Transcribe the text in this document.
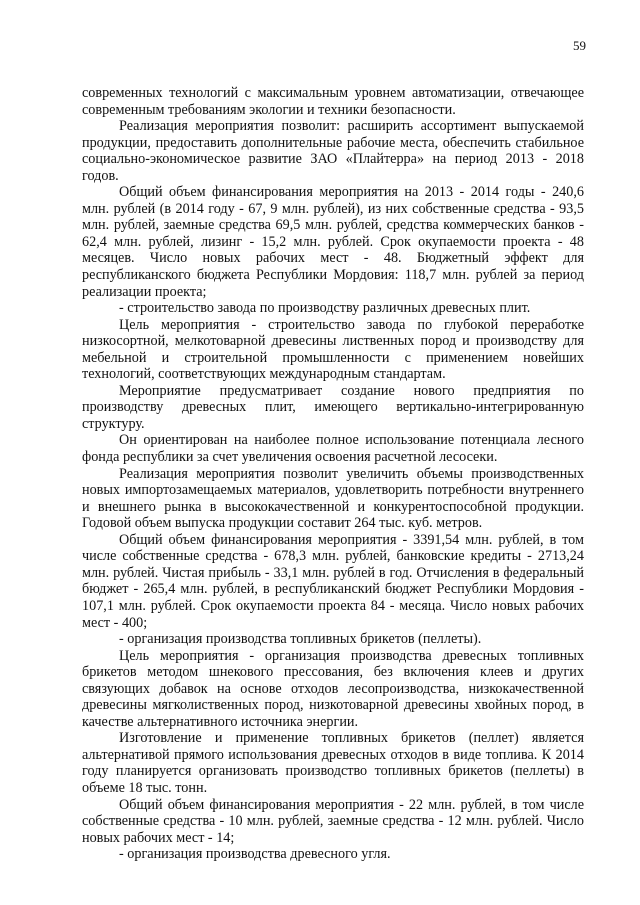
59

современных технологий с максимальным уровнем автоматизации, отвечающее современным требованиям экологии и техники безопасности.

Реализация мероприятия позволит: расширить ассортимент выпускаемой продукции, предоставить дополнительные рабочие места, обеспечить стабильное социально-экономическое развитие ЗАО «Плайтерра» на период 2013 - 2018 годов.

Общий объем финансирования мероприятия на 2013 - 2014 годы - 240,6 млн. рублей (в 2014 году - 67, 9 млн. рублей), из них собственные средства - 93,5 млн. рублей, заемные средства 69,5 млн. рублей, средства коммерческих банков - 62,4 млн. рублей, лизинг - 15,2 млн. рублей. Срок окупаемости проекта - 48 месяцев. Число новых рабочих мест - 48. Бюджетный эффект для республиканского бюджета Республики Мордовия: 118,7 млн. рублей за период реализации проекта;

- строительство завода по производству различных древесных плит.

Цель мероприятия - строительство завода по глубокой переработке низкосортной, мелкотоварной древесины лиственных пород и производству для мебельной и строительной промышленности с применением новейших технологий, соответствующих международным стандартам.

Мероприятие предусматривает создание нового предприятия по производству древесных плит, имеющего вертикально-интегрированную структуру.

Он ориентирован на наиболее полное использование потенциала лесного фонда республики за счет увеличения освоения расчетной лесосеки.

Реализация мероприятия позволит увеличить объемы производственных новых импортозамещаемых материалов, удовлетворить потребности внутреннего и внешнего рынка в высококачественной и конкурентоспособной продукции. Годовой объем выпуска продукции составит 264 тыс. куб. метров.

Общий объем финансирования мероприятия - 3391,54 млн. рублей, в том числе собственные средства - 678,3 млн. рублей, банковские кредиты - 2713,24 млн. рублей. Чистая прибыль - 33,1 млн. рублей в год. Отчисления в федеральный бюджет - 265,4 млн. рублей, в республиканский бюджет Республики Мордовия - 107,1 млн. рублей. Срок окупаемости проекта 84 - месяца. Число новых рабочих мест - 400;

- организация производства топливных брикетов (пеллеты).

Цель мероприятия - организация производства древесных топливных брикетов методом шнекового прессования, без включения клеев и других связующих добавок на основе отходов лесопроизводства, низкокачественной древесины мягколиственных пород, низкотоварной древесины хвойных пород, в качестве альтернативного источника энергии.

Изготовление и применение топливных брикетов (пеллет) является альтернативой прямого использования древесных отходов в виде топлива. К 2014 году планируется организовать производство топливных брикетов (пеллеты) в объеме 18 тыс. тонн.

Общий объем финансирования мероприятия - 22 млн. рублей, в том числе собственные средства - 10 млн. рублей, заемные средства - 12 млн. рублей. Число новых рабочих мест - 14;

- организация производства древесного угля.
